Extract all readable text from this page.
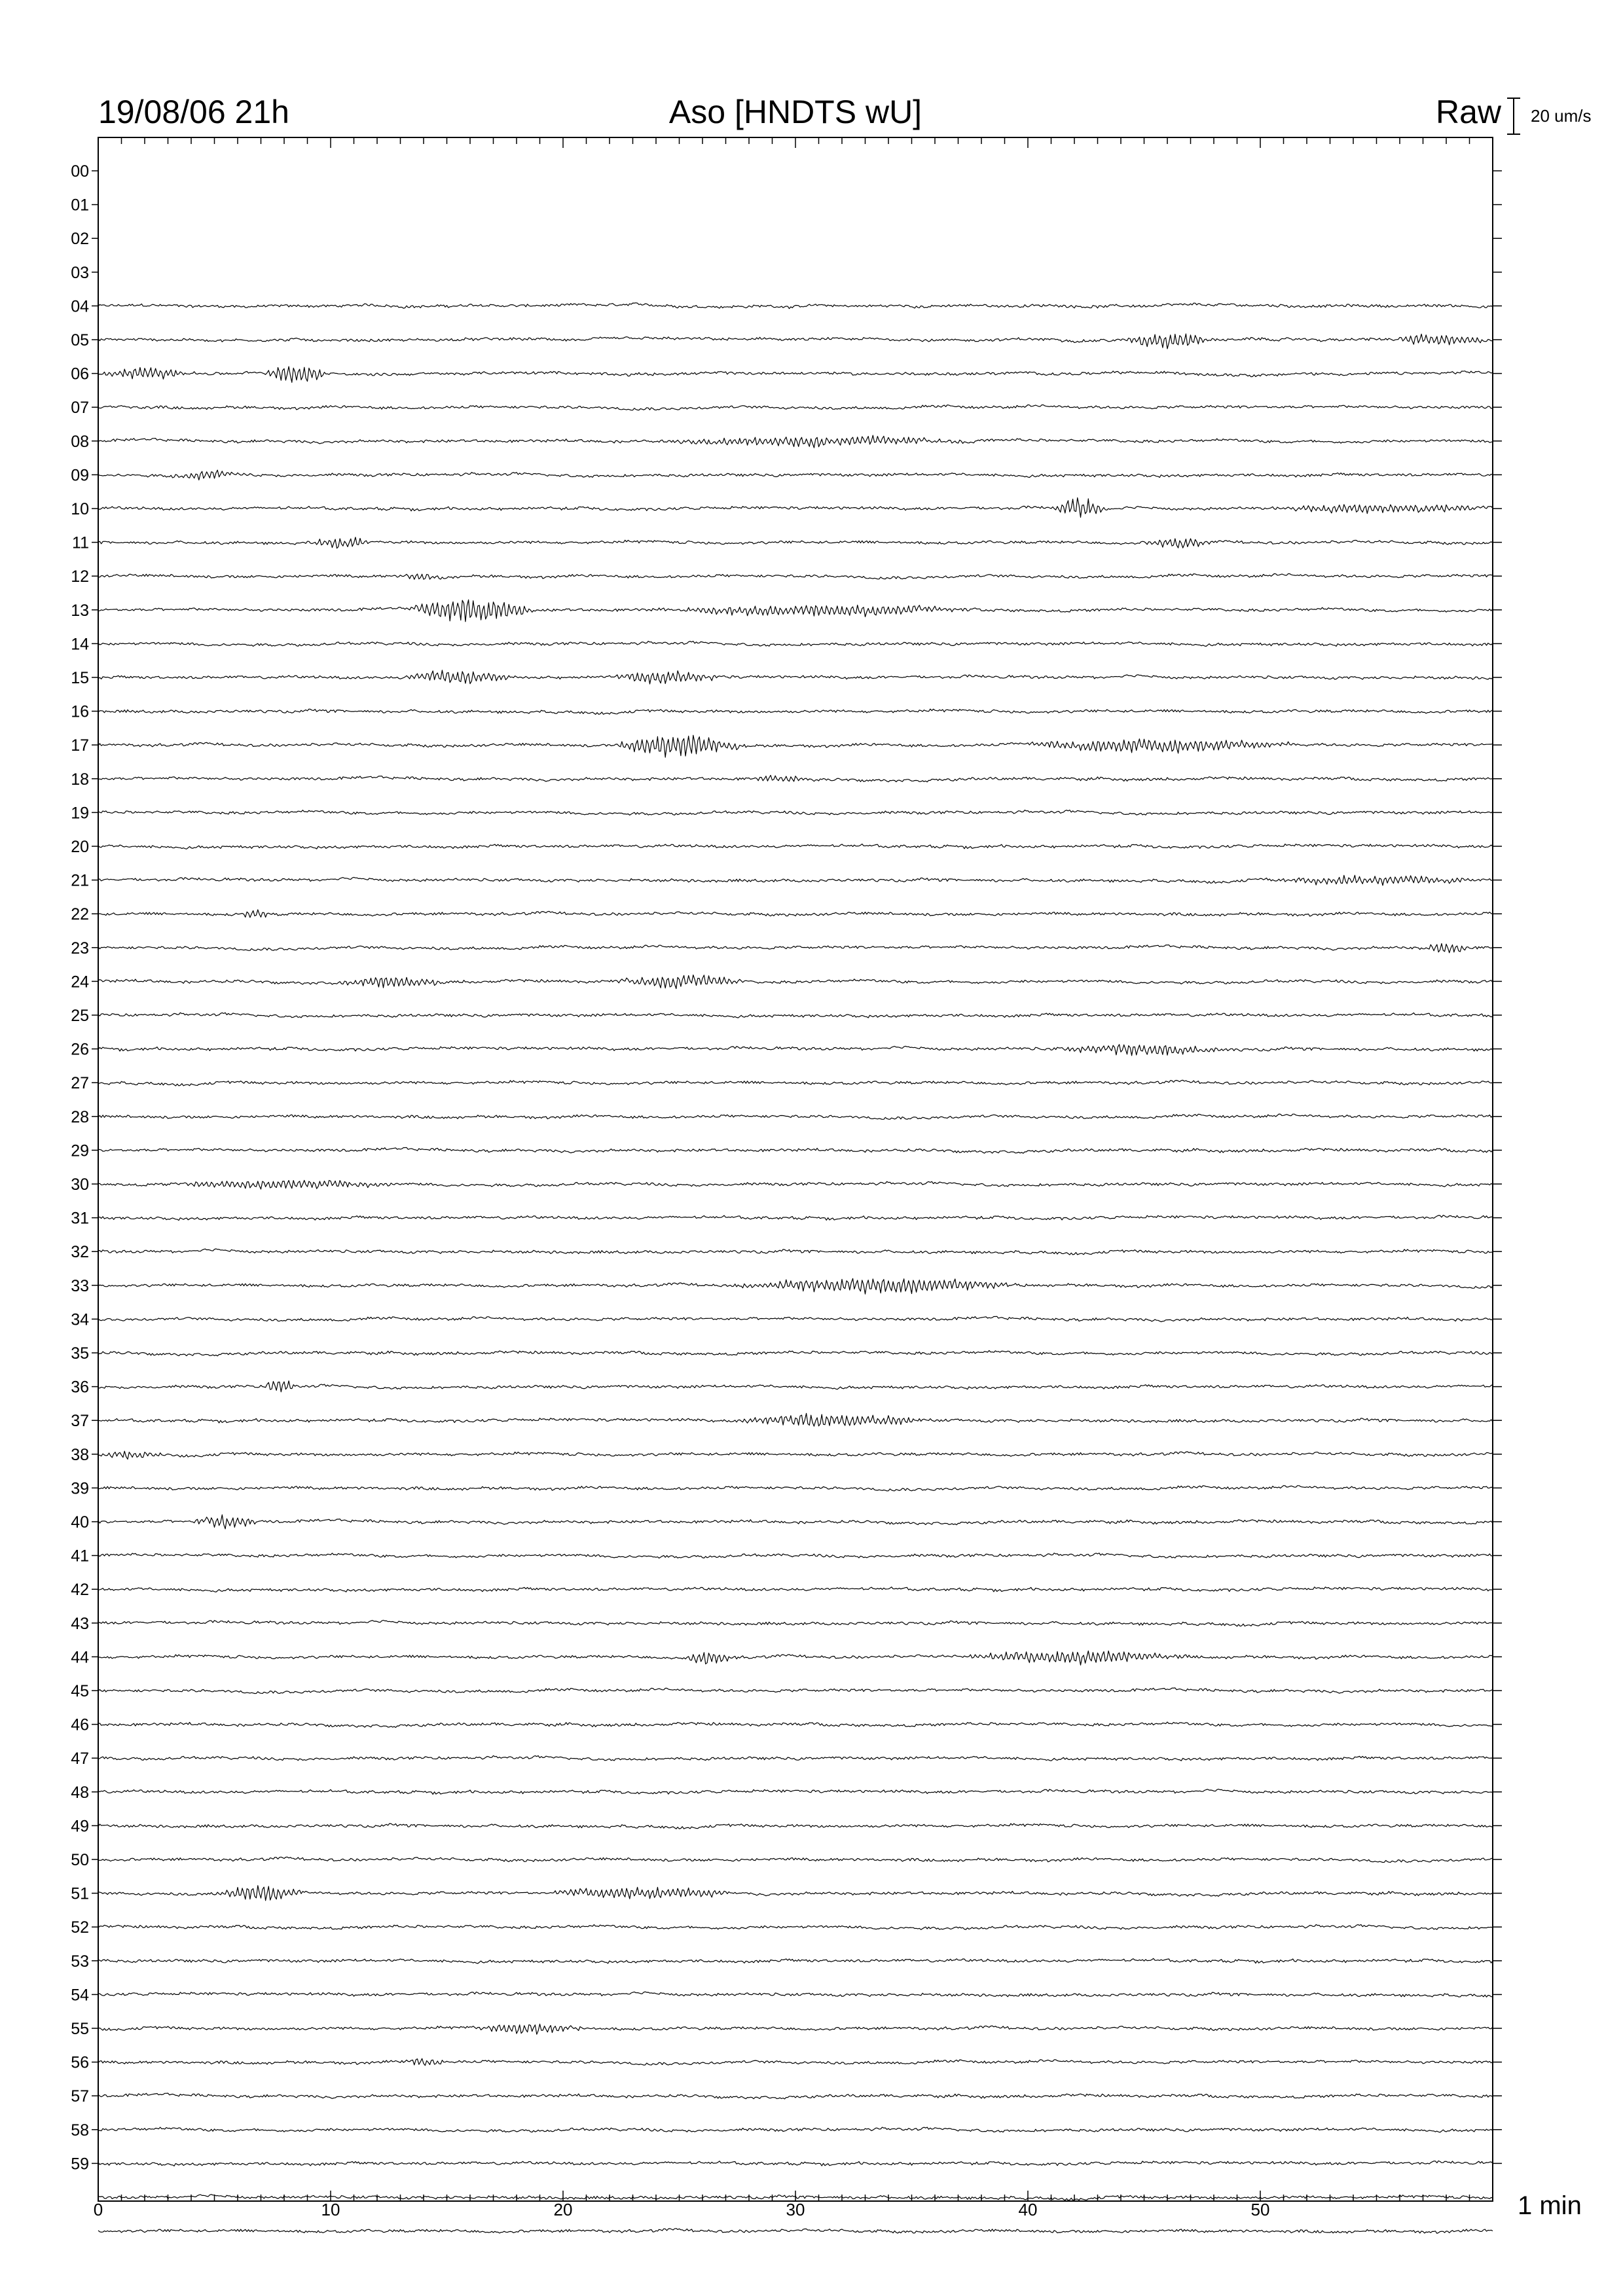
19/08/06 21h	Aso [HNDTS wU]	Raw 20 um/s
1 min
00
01
02
03
04
05
06
07
08
09
10
11
12
13
14
15
16
17
18
19
20
21
22
23
24
25
26
27
28
29
30
31
32
33
34
35
36
37
38
39
40
41
42
43
44
45
46
47
48
49
50
51
52
53
54
55
56
57
58
59
0	10	20	30	40	50
